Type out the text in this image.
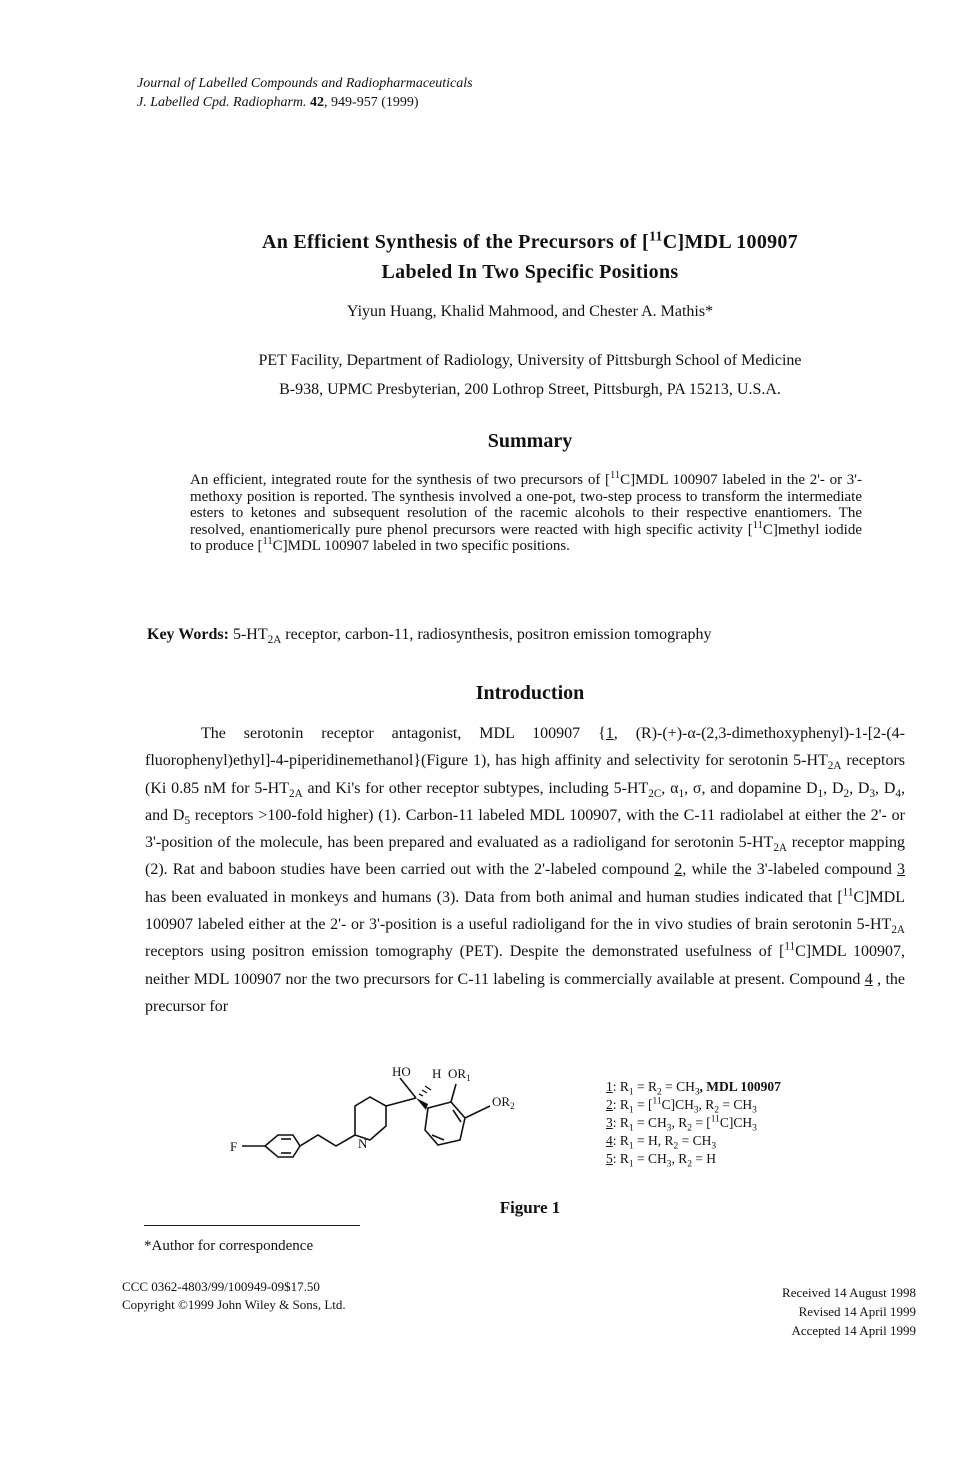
Journal of Labelled Compounds and Radiopharmaceuticals
J. Labelled Cpd. Radiopharm. 42, 949-957 (1999)
An Efficient Synthesis of the Precursors of [$^{11}$C]MDL 100907
Labeled In Two Specific Positions
Yiyun Huang, Khalid Mahmood, and Chester A. Mathis*
PET Facility, Department of Radiology, University of Pittsburgh School of Medicine
B-938, UPMC Presbyterian, 200 Lothrop Street, Pittsburgh, PA 15213, U.S.A.
Summary
An efficient, integrated route for the synthesis of two precursors of [$^{11}$C]MDL 100907 labeled in the 2'- or 3'-methoxy position is reported. The synthesis involved a one-pot, two-step process to transform the intermediate esters to ketones and subsequent resolution of the racemic alcohols to their respective enantiomers. The resolved, enantiomerically pure phenol precursors were reacted with high specific activity [$^{11}$C]methyl iodide to produce [$^{11}$C]MDL 100907 labeled in two specific positions.
Key Words: $5-HT_{2A}$ receptor, carbon-11, radiosynthesis, positron emission tomography
Introduction

The serotonin receptor antagonist, MDL 100907 {1, (R)-(+)-α-(2,3-dimethoxyphenyl)-1-[2-(4-fluorophenyl)ethyl]-4-piperidinemethanol}(Figure 1), has high affinity and selectivity for serotonin $5-HT_{2A}$ receptors (Ki 0.85 nM for $5-HT_{2A}$ and Ki's for other receptor subtypes, including $5-HT_{2C}$, $\alpha_1$, σ, and dopamine $D_1$, $D_2$, $D_3$, $D_4$, and $D_5$ receptors >100-fold higher) (1). Carbon-11 labeled MDL 100907, with the C-11 radiolabel at either the 2'- or 3'-position of the molecule, has been prepared and evaluated as a radioligand for serotonin $5-HT_{2A}$ receptor mapping (2). Rat and baboon studies have been carried out with the 2'-labeled compound 2, while the 3'-labeled compound 3 has been evaluated in monkeys and humans (3). Data from both animal and human studies indicated that [$^{11}$C]MDL 100907 labeled either at the 2'- or 3'-position is a useful radioligand for the in vivo studies of brain serotonin $5-HT_{2A}$ receptors using positron emission tomography (PET). Despite the demonstrated usefulness of [$^{11}$C]MDL 100907, neither MDL 100907 nor the two precursors for C-11 labeling is commercially available at present. Compound 4 , the precursor for

F
HO H $OR_1$
$OR_2$
N
1: $R_1 = R_2 = CH_3$, MDL 100907
2: $R_1 = [^{11}C]CH_3$, $R_2 = CH_3$
3: $R_1 = CH_3$, $R_2 = [^{11}C]CH_3$
4: $R_1 = H$, $R_2 = CH_3$
5: $R_1 = CH_3$, $R_2 = H$
Figure 1
*Author for correspondence
CCC 0362-4803/99/100949-09$17.50
Copyright ©1999 John Wiley & Sons, Ltd.
Received 14 August 1998
Revised 14 April 1999
Accepted 14 April 1999
